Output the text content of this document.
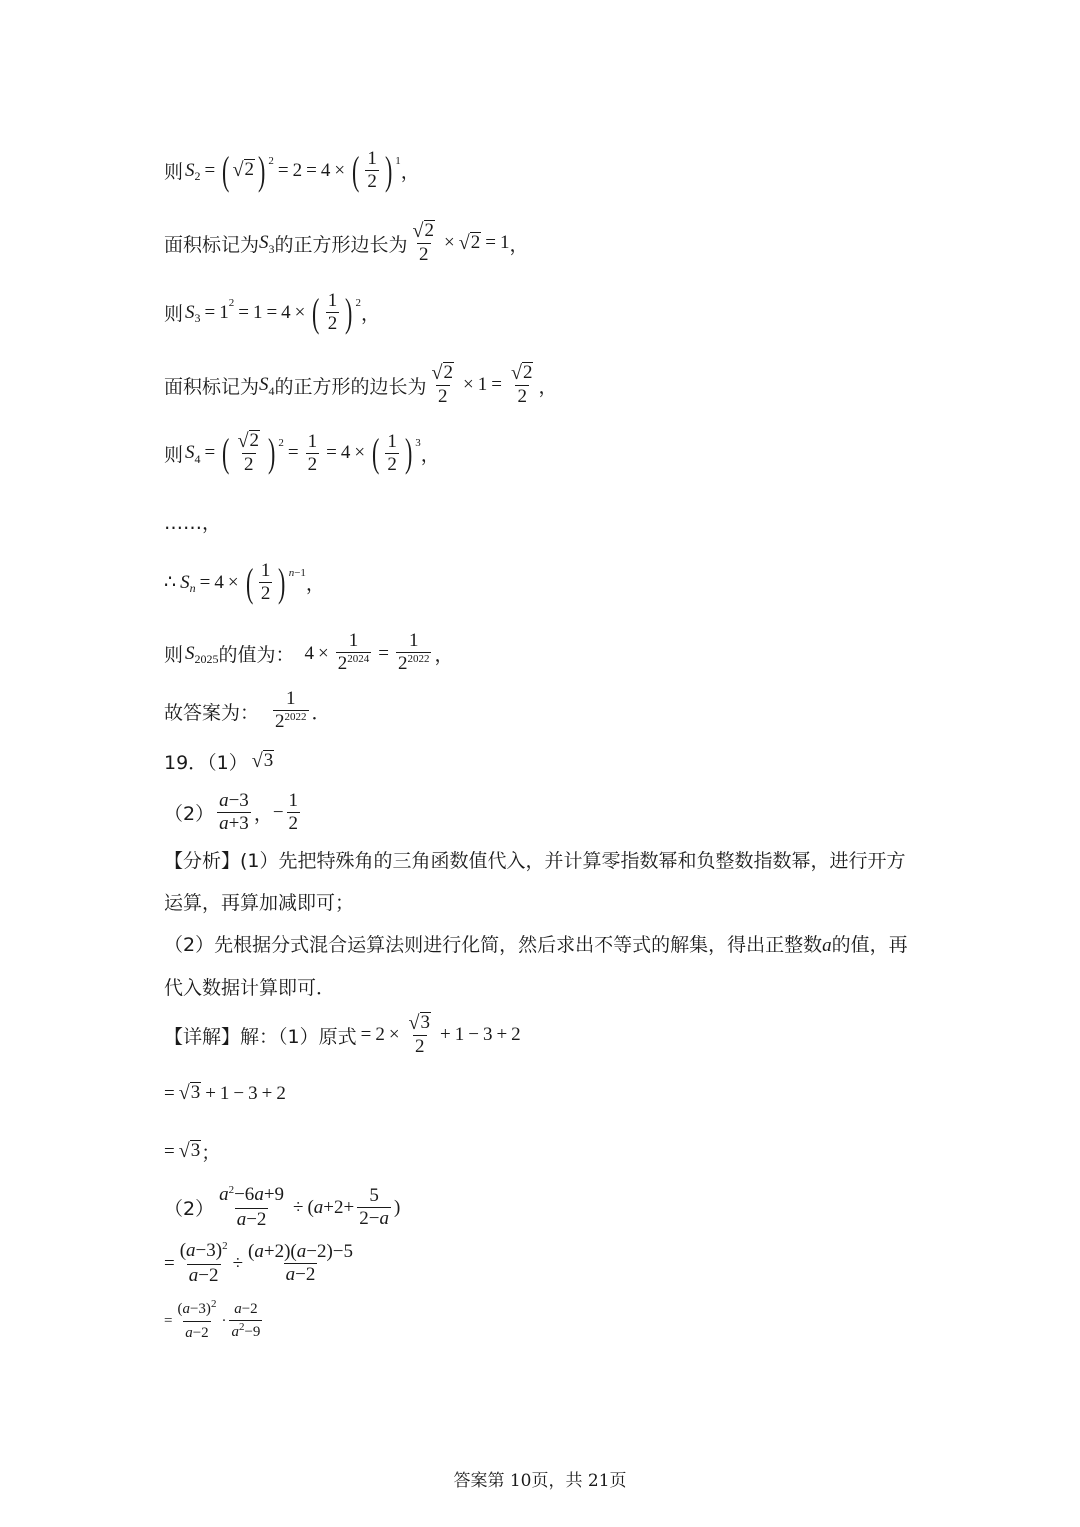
则 S 2 = ( √ 2 ) 2 = 2 = 4 × ( $\frac{1}{2}$ ) 1
，
面积标记为 S 3 的正方形边长为 $\frac{√ 2}{2}$ × √ 2 = 1 ，
则 S 3 = 1 2 = 1 = 4 × ( $\frac{1}{2}$ ) 2
，
面积标记为 S 4 的正方形的边长为 $\frac{√ 2}{2} \times 1 = \frac{√ 2}{2}$ ，
则 S 4 = ( $\frac{√ 2}{2}$ ) $2 = \frac{1}{2} = 4$ × ( $\frac{1}{2}$ ) 3
，
……，
∴ S n = 4 × ( $\frac{1}{2}$ ) n−1
，
则 S 2025 的值为： $4 \times \frac{1}{2^{2024}} = \frac{1}{2^{2022}}$ ，
故答案为： $\frac{1}{2^{2022}}$ ．
19．（1） √ 3
$(2) \frac{a-3}{a+3}$ ， − $\frac{1}{2}$
【分析】(1）先把特殊角的三角函数值代入，并计算零指数幂和负整数指数幂，进行开方运算，再算加减即可；
（2）先根据分式混合运算法则进行化简，然后求出不等式的解集，得出正整数a的值，再代入数据计算即可．
【详解】解：（1）原式 = $2 \times \frac{√ 3}{2} + 1 - 3 + 2$
= √ 3 + 1 − 3 + 2
= √ 3 ；
$(2) \frac{a^2-6a+9}{a-2}$ ÷ ( $a +2+ \frac{5}{2-a}$ )
= $\frac{(a-3)^2}{a-2} \div \frac{(a+2)(a-2)-5}{a-2}$
= $\frac{(a-3)^2}{a-2} \cdot \frac{a-2}{a^2-9}$
答案第 10页，共 21页
